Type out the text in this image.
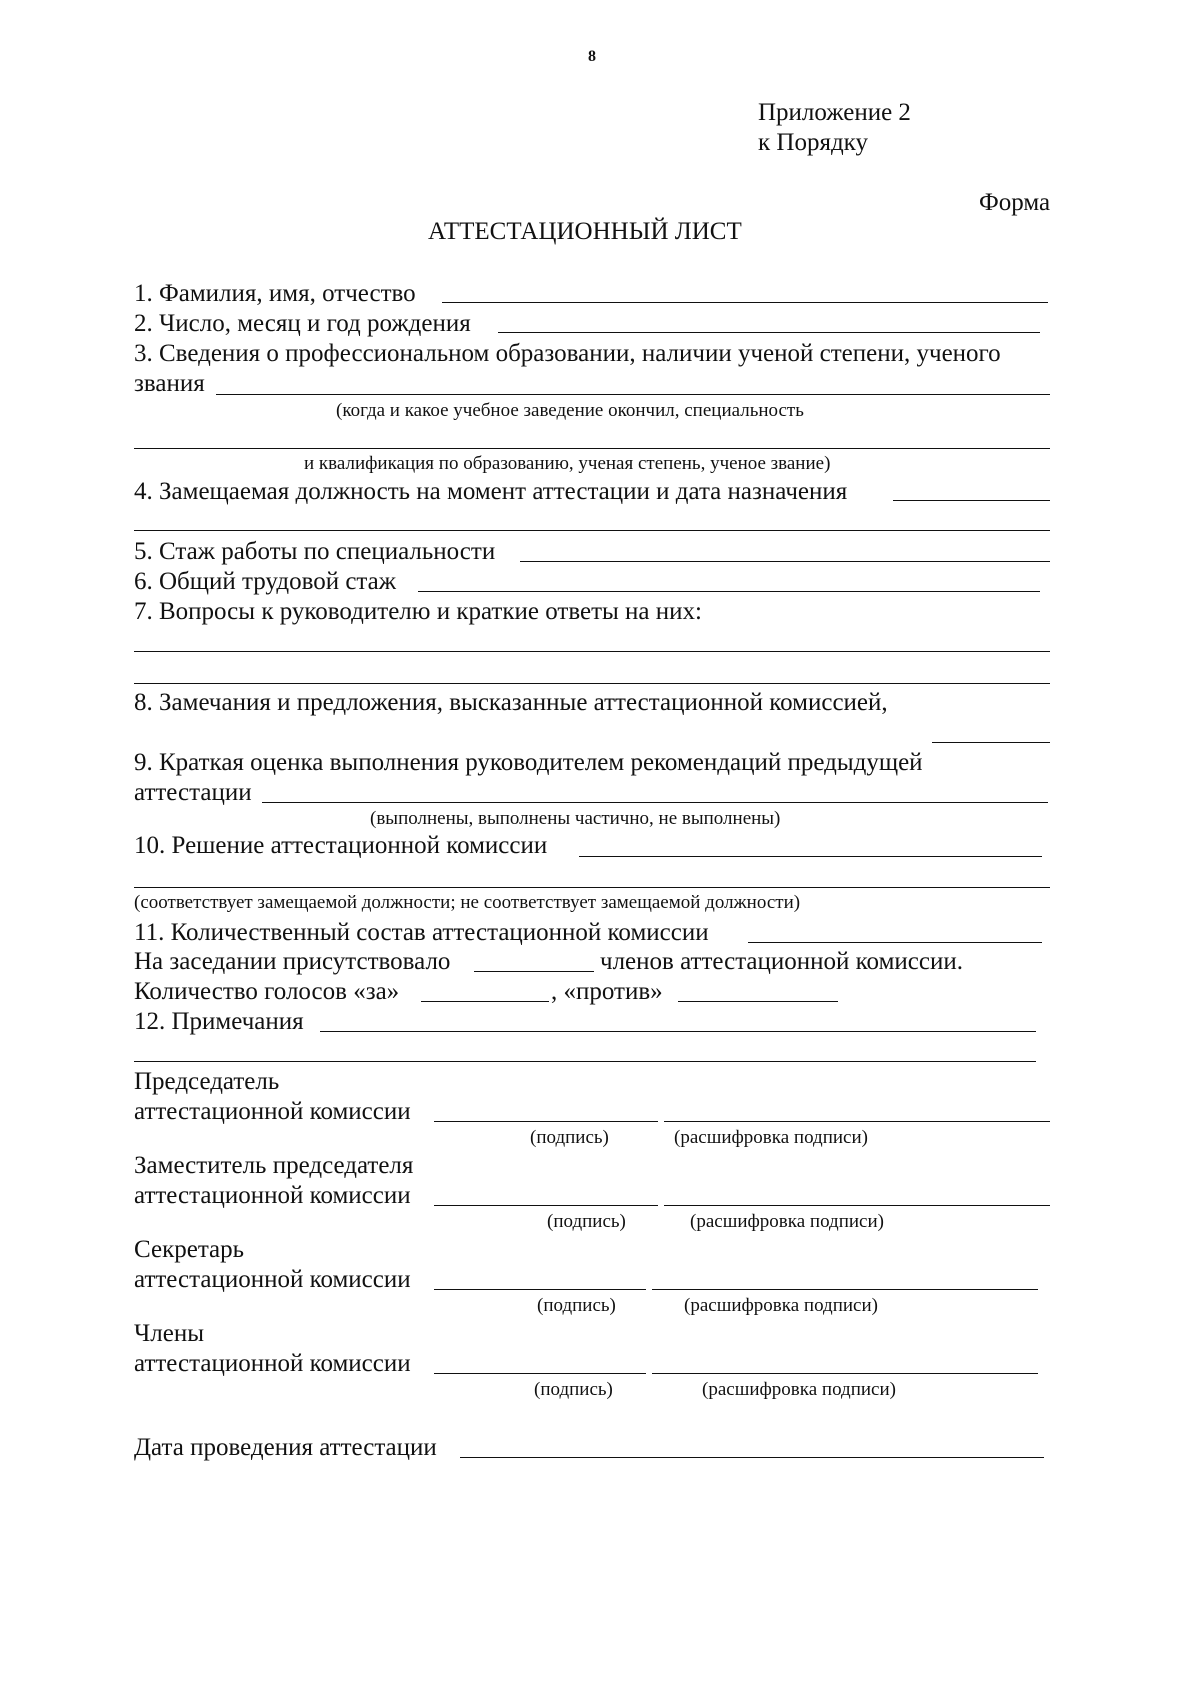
8
Приложение 2
к Порядку
Форма
АТТЕСТАЦИОННЫЙ ЛИСТ
1. Фамилия, имя, отчество
2. Число, месяц и год рождения
3. Сведения о профессиональном образовании, наличии ученой степени, ученого
звания
(когда и какое учебное заведение окончил, специальность
и квалификация по образованию, ученая степень, ученое звание)
4. Замещаемая должность на момент аттестации и дата назначения
5. Стаж работы по специальности
6. Общий трудовой стаж
7. Вопросы к руководителю и краткие ответы на них:
8. Замечания и предложения, высказанные аттестационной комиссией,
9. Краткая оценка выполнения руководителем рекомендаций предыдущей
аттестации
(выполнены, выполнены частично, не выполнены)
10. Решение аттестационной комиссии
(соответствует замещаемой должности; не соответствует замещаемой должности)
11. Количественный состав аттестационной комиссии
На заседании присутствовало	членов аттестационной комиссии.
Количество голосов «за»	, «против»
12. Примечания
Председатель
аттестационной комиссии
(подпись)	(расшифровка подписи)
Заместитель председателя
аттестационной комиссии
(подпись)	(расшифровка подписи)
Секретарь
аттестационной комиссии
(подпись)	(расшифровка подписи)
Члены
аттестационной комиссии
(подпись)	(расшифровка подписи)
Дата проведения аттестации
